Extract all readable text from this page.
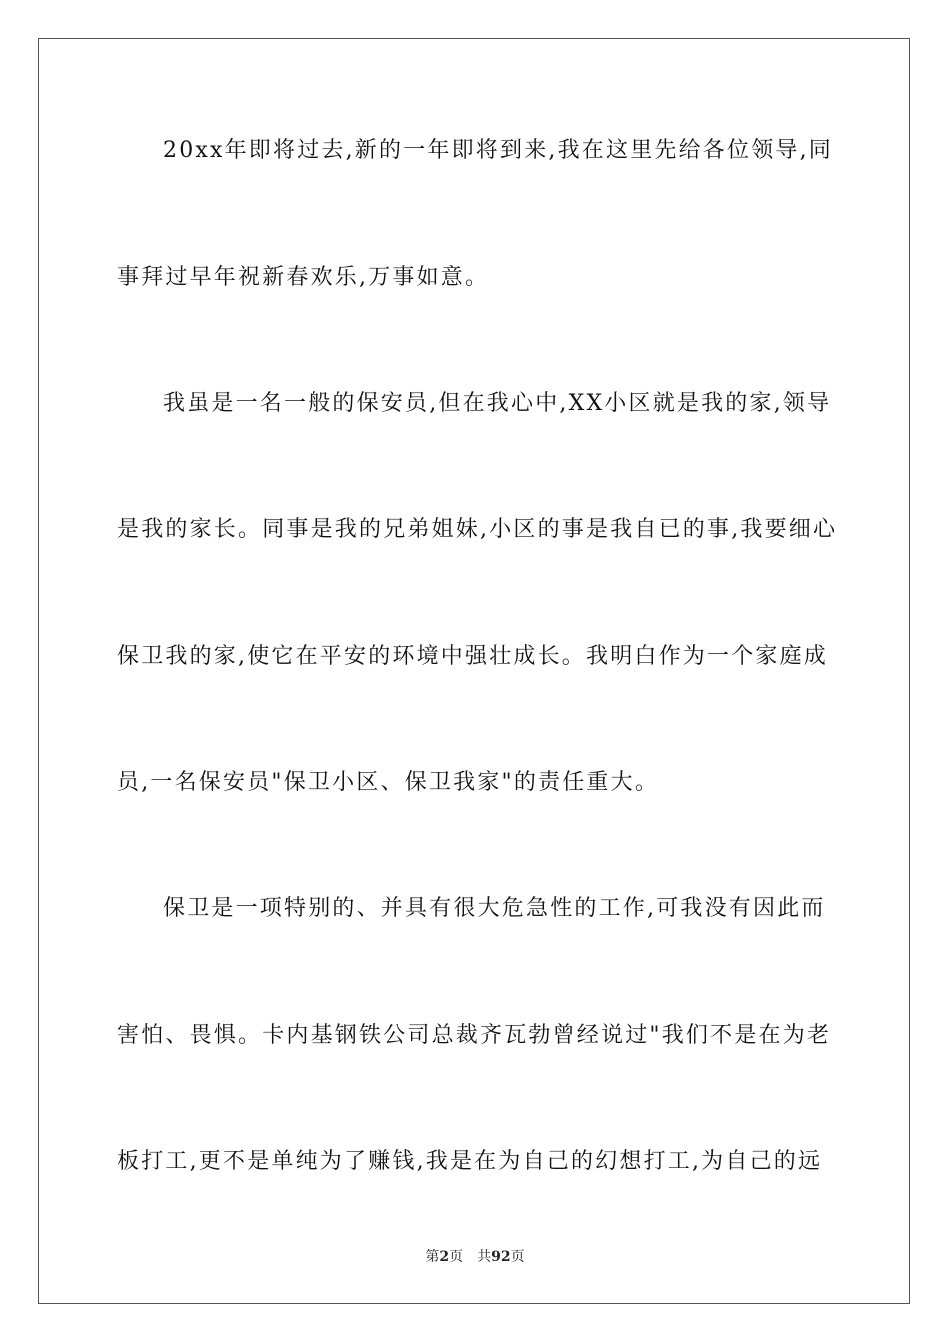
20xx年即将过去,新的一年即将到来,我在这里先给各位领导,同
事拜过早年祝新春欢乐,万事如意。
我虽是一名一般的保安员,但在我心中,XX小区就是我的家,领导
是我的家长。同事是我的兄弟姐妹,小区的事是我自已的事,我要细心
保卫我的家,使它在平安的环境中强壮成长。我明白作为一个家庭成
员,一名保安员"保卫小区、保卫我家"的责任重大。
保卫是一项特别的、并具有很大危急性的工作,可我没有因此而
害怕、畏惧。卡内基钢铁公司总裁齐瓦勃曾经说过"我们不是在为老
板打工,更不是单纯为了赚钱,我是在为自己的幻想打工,为自己的远
第2页 共92页
